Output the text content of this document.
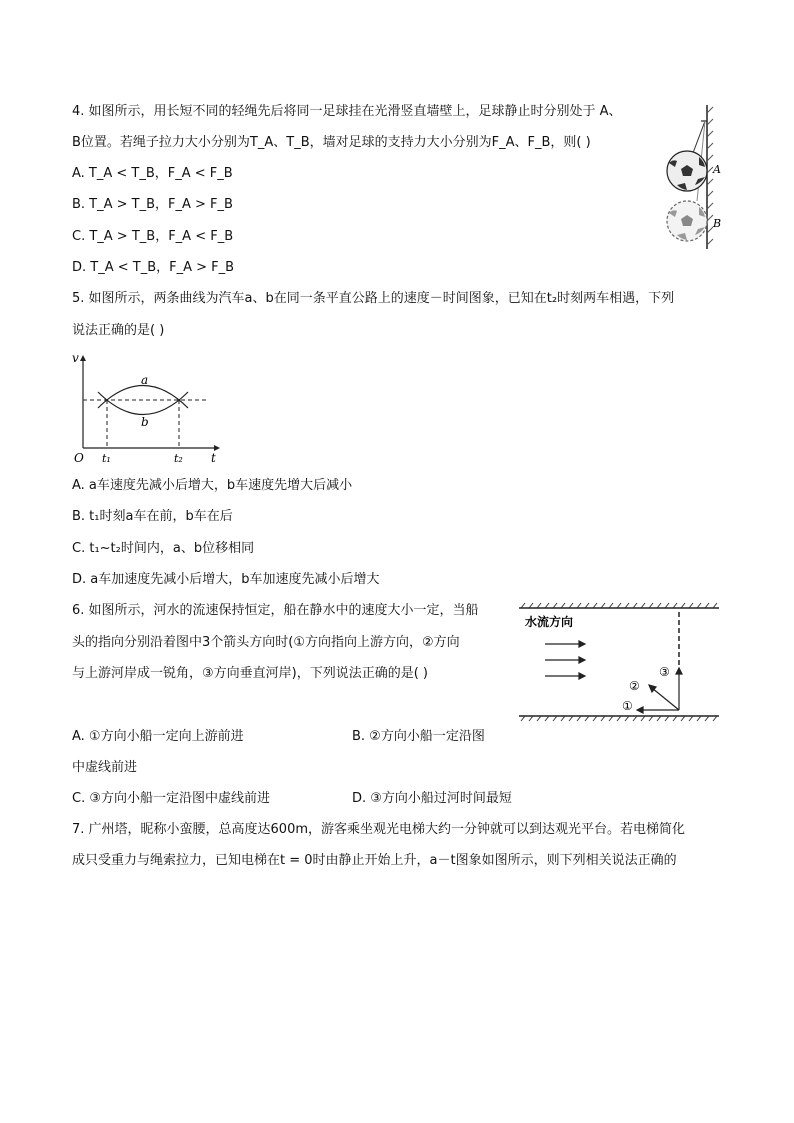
4. 如图所示，用长短不同的轻绳先后将同一足球挂在光滑竖直墙壁上，足球静止时分别处于 A、
B位置。若绳子拉力大小分别为T_A、T_B，墙对足球的支持力大小分别为F_A、F_B，则( )
A. T_A < T_B，F_A < F_B
B. T_A > T_B，F_A > F_B
C. T_A > T_B，F_A < F_B
D. T_A < T_B，F_A > F_B
A
B
5. 如图所示，两条曲线为汽车a、b在同一条平直公路上的速度－时间图象，已知在t₂时刻两车相遇，下列
说法正确的是( )
v
t
O t₁	t₂
a
b
A. a车速度先减小后增大，b车速度先增大后减小
B. t₁时刻a车在前，b车在后
C. t₁~t₂时间内，a、b位移相同
D. a车加速度先减小后增大，b车加速度先减小后增大
6. 如图所示，河水的流速保持恒定，船在静水中的速度大小一定，当船
头的指向分别沿着图中3个箭头方向时(①方向指向上游方向，②方向
与上游河岸成一锐角，③方向垂直河岸)，下列说法正确的是( )
水流方向
①
②
③
A. ①方向小船一定向上游前进	B. ②方向小船一定沿图
中虚线前进
C. ③方向小船一定沿图中虚线前进	D. ③方向小船过河时间最短
7. 广州塔，昵称小蛮腰，总高度达600m，游客乘坐观光电梯大约一分钟就可以到达观光平台。若电梯简化
成只受重力与绳索拉力，已知电梯在t = 0时由静止开始上升，a－t图象如图所示，则下列相关说法正确的
